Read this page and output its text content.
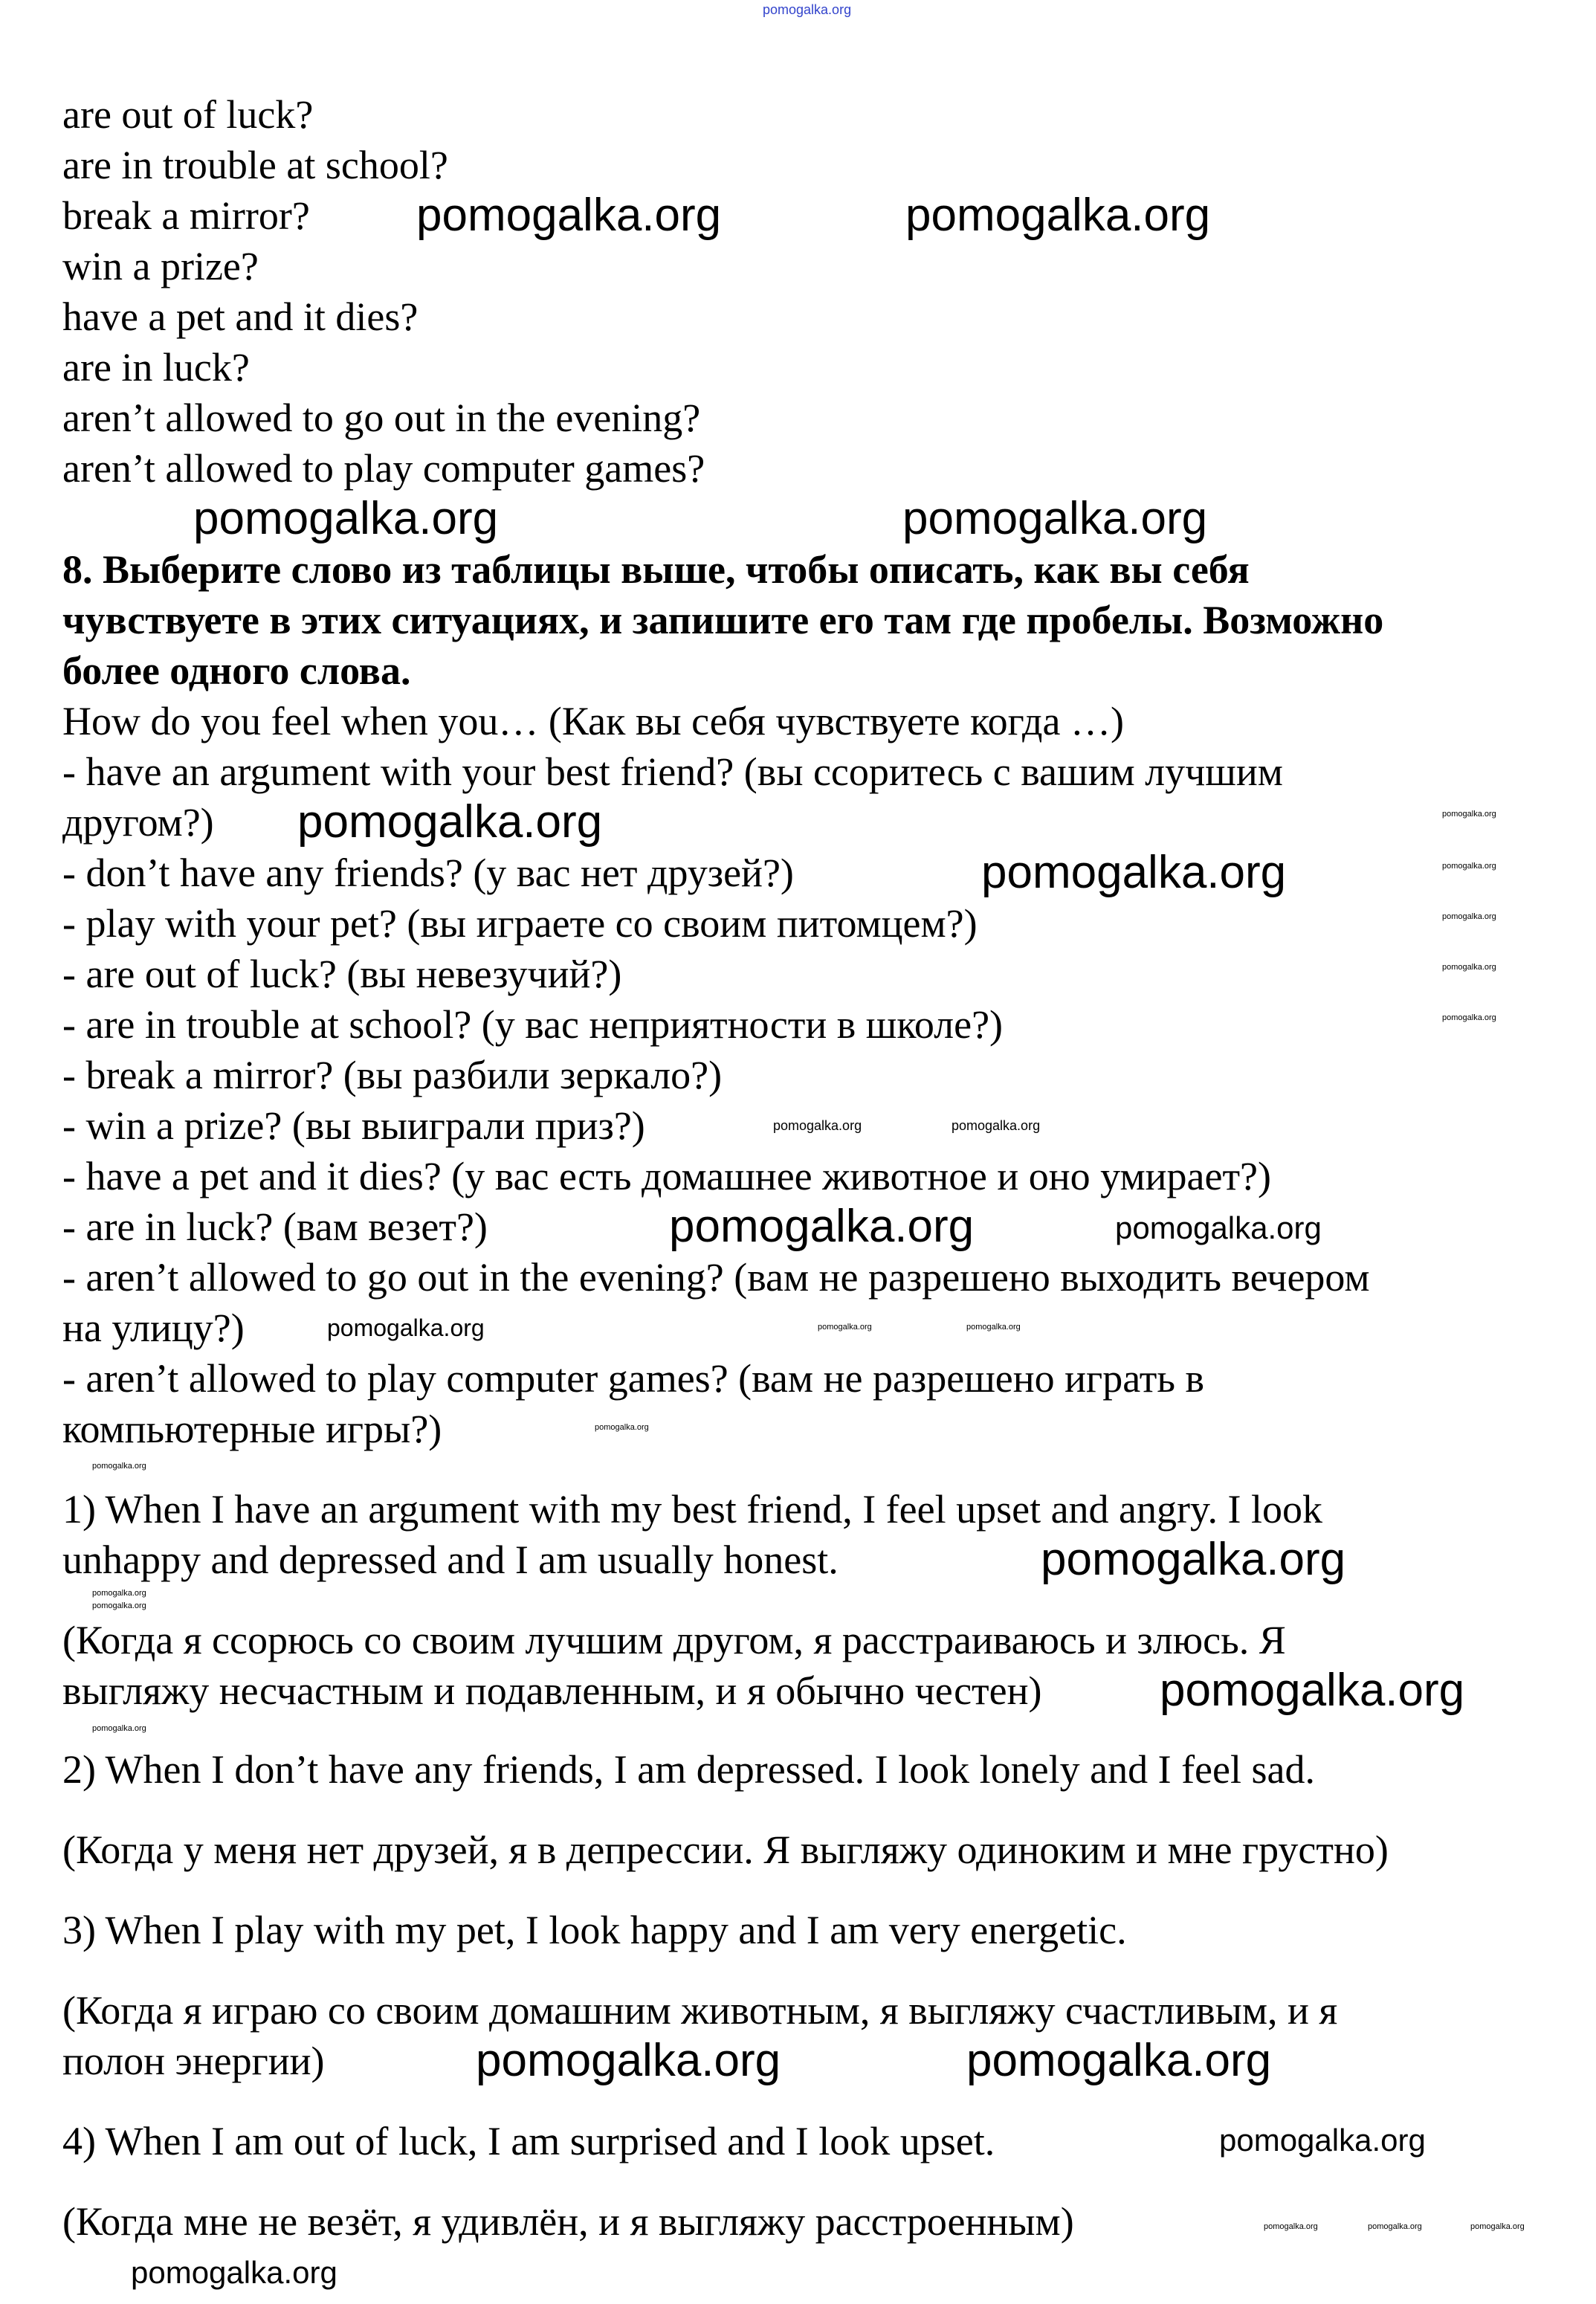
pomogalka.org
are out of luck?
are in trouble at school?
break a mirror?
win a prize?
have a pet and it dies?
are in luck?
aren’t allowed to go out in the evening?
aren’t allowed to play computer games?
8. Выберите слово из таблицы выше, чтобы описать, как вы себя
чувствуете в этих ситуациях, и запишите его там где пробелы. Возможно
более одного слова.
How do you feel when you… (Как вы себя чувствуете когда …)
- have an argument with your best friend? (вы ссоритесь с вашим лучшим
другом?)
- don’t have any friends? (у вас нет друзей?)
- play with your pet? (вы играете со своим питомцем?)
- are out of luck? (вы невезучий?)
- are in trouble at school? (у вас неприятности в школе?)
- break a mirror? (вы разбили зеркало?)
- win a prize? (вы выиграли приз?)
- have a pet and it dies? (у вас есть домашнее животное и оно умирает?)
- are in luck? (вам везет?)
- aren’t allowed to go out in the evening? (вам не разрешено выходить вечером
на улицу?)
- aren’t allowed to play computer games? (вам не разрешено играть в
компьютерные игры?)
1) When I have an argument with my best friend, I feel upset and angry. I look
unhappy and depressed and I am usually honest.
(Когда я ссорюсь со своим лучшим другом, я расстраиваюсь и злюсь. Я
выгляжу несчастным и подавленным, и я обычно честен)
2) When I don’t have any friends, I am depressed. I look lonely and I feel sad.
(Когда у меня нет друзей, я в депрессии. Я выгляжу одиноким и мне грустно)
3) When I play with my pet, I look happy and I am very energetic.
(Когда я играю со своим домашним животным, я выгляжу счастливым, и я
полон энергии)
4) When I am out of luck, I am surprised and I look upset.
(Когда мне не везёт, я удивлён, и я выгляжу расстроенным)
pomogalka.org	pomogalka.org
pomogalka.org	pomogalka.org
pomogalka.org
pomogalka.org
pomogalka.org
pomogalka.org
pomogalka.org
pomogalka.org	pomogalka.org
pomogalka.org
pomogalka.org
pomogalka.org
pomogalka.org
pomogalka.org	pomogalka.org
pomogalka.org
pomogalka.org
pomogalka.org
pomogalka.org
pomogalka.org
pomogalka.org	pomogalka.org
pomogalka.org
pomogalka.org
pomogalka.org
pomogalka.org
pomogalka.org
pomogalka.org	pomogalka.org	pomogalka.org
